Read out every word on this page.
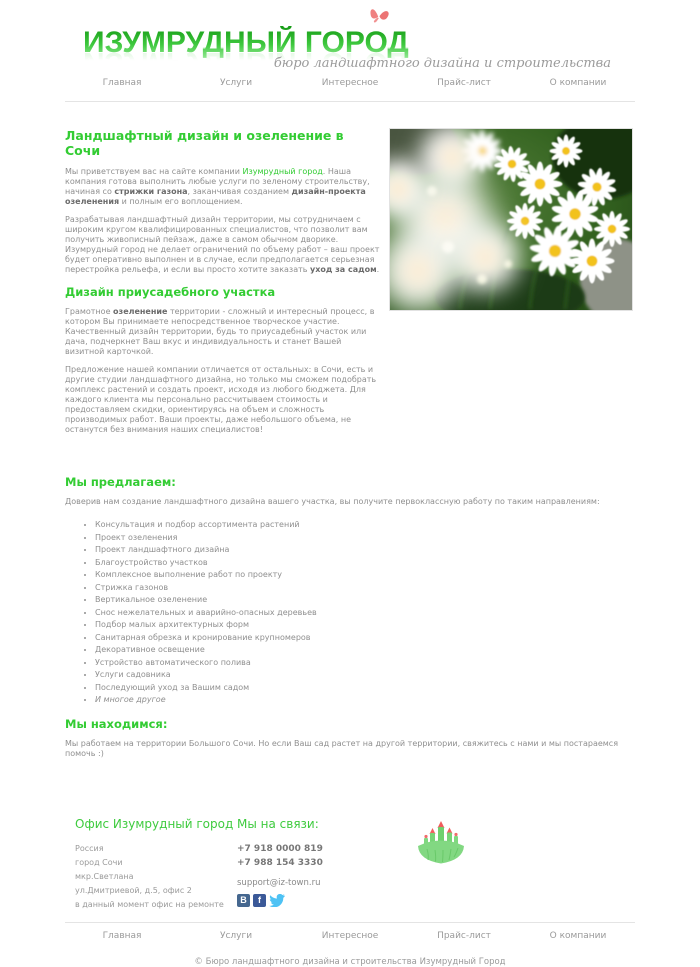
ИЗУМРУДНЫЙ ГОРОД
бюро ландшафтного дизайна и строительства
Главная	Услуги	Интересное	Прайс-лист	О компании
Ландшафтный дизайн и озеленение в Сочи

Мы приветствуем вас на сайте компании Изумрудный город. Наша компания готова выполнить любые услуги по зеленому строительству, начиная со стрижки газона, заканчивая созданием дизайн-проекта озеленения и полным его воплощением.

Разрабатывая ландшафтный дизайн территории, мы сотрудничаем с широким кругом квалифицированных специалистов, что позволит вам получить живописный пейзаж, даже в самом обычном дворике. Изумрудный город не делает ограничений по объему работ – ваш проект будет оперативно выполнен и в случае, если предполагается серьезная перестройка рельефа, и если вы просто хотите заказать уход за садом.

Дизайн приусадебного участка

Грамотное озеленение территории - сложный и интересный процесс, в котором Вы принимаете непосредственное творческое участие. Качественный дизайн территории, будь то приусадебный участок или дача, подчеркнет Ваш вкус и индивидуальность и станет Вашей визитной карточкой.

Предложение нашей компании отличается от остальных: в Сочи, есть и другие студии ландшафтного дизайна, но только мы сможем подобрать комплекс растений и создать проект, исходя из любого бюджета. Для каждого клиента мы персонально рассчитываем стоимость и предоставляем скидки, ориентируясь на объем и сложность производимых работ. Ваши проекты, даже небольшого объема, не останутся без внимания наших специалистов!

Мы предлагаем:

Доверив нам создание ландшафтного дизайна вашего участка, вы получите первоклассную работу по таким направлениям:

• Консультация и подбор ассортимента растений
• Проект озеленения
• Проект ландшафтного дизайна
• Благоустройство участков
• Комплексное выполнение работ по проекту
• Стрижка газонов
• Вертикальное озеленение
• Снос нежелательных и аварийно-опасных деревьев
• Подбор малых архитектурных форм
• Санитарная обрезка и кронирование крупномеров
• Декоративное освещение
• Устройство автоматического полива
• Услуги садовника
• Последующий уход за Вашим садом
• И многое другое
Мы находимся:

Мы работаем на территории Большого Сочи. Но если Ваш сад растет на другой территории, свяжитесь с нами и мы постараемся помочь :)

Офис Изумрудный город
Россия
город Сочи
мкр.Светлана
ул.Дмитриевой, д.5, офис 2
в данный момент офис на ремонте
Мы на связи:
+7 918 0000 819
+7 988 154 3330
support@iz-town.ru
В	f
Главная	Услуги	Интересное	Прайс-лист	О компании
© Бюро ландшафтного дизайна и строительства Изумрудный Город
